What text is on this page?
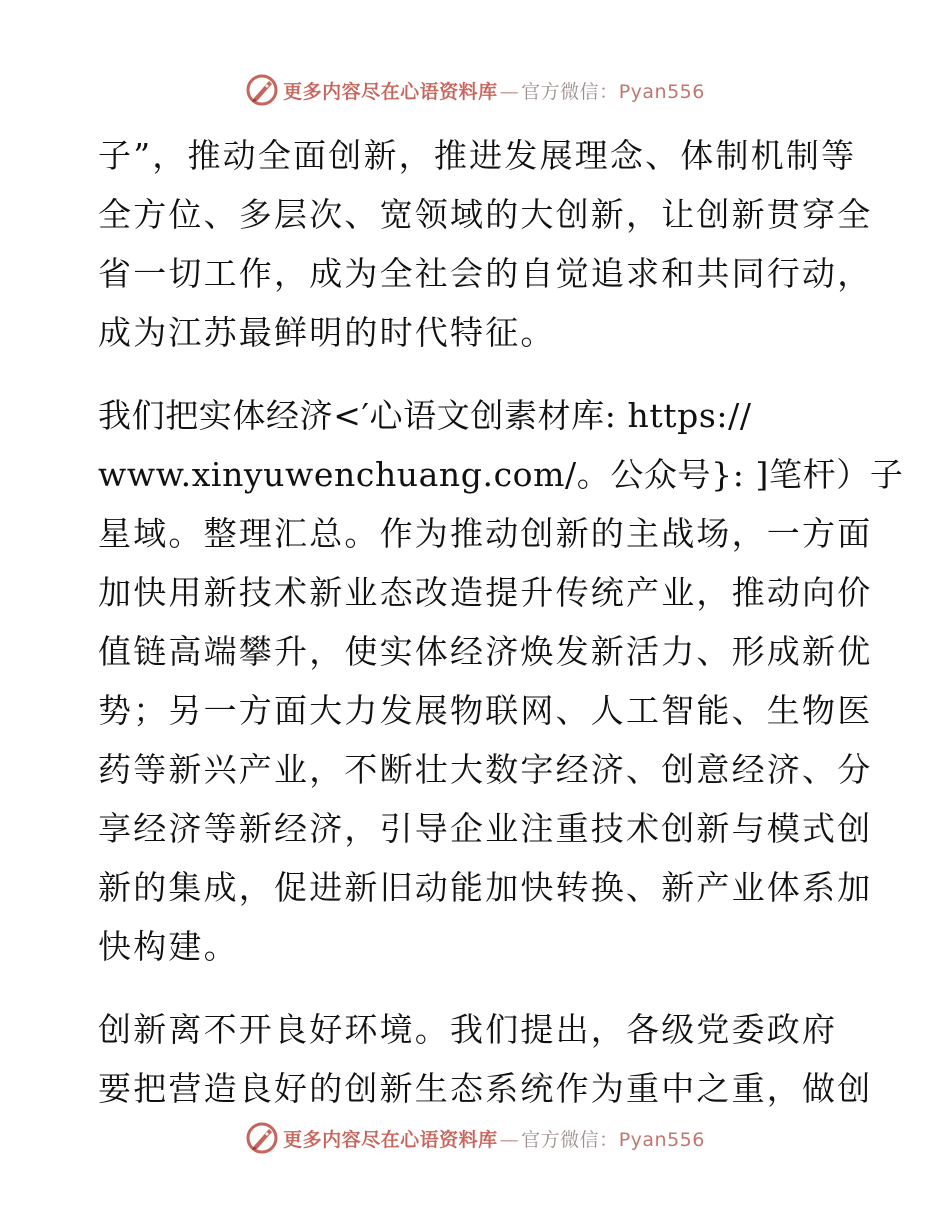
更多内容尽在心语资料库 — 官方微信：Pyan556
子”，推动全面创新，推进发展理念、体制机制等
全方位、多层次、宽领域的大创新，让创新贯穿全
省一切工作，成为全社会的自觉追求和共同行动，
成为江苏最鲜明的时代特征。
我们把实体经济<′心语文创素材库: https://
www.xinyuwenchuang.com/。公众号}: ]笔杆）子
星域。整理汇总。作为推动创新的主战场，一方面
加快用新技术新业态改造提升传统产业，推动向价
值链高端攀升，使实体经济焕发新活力、形成新优
势；另一方面大力发展物联网、人工智能、生物医
药等新兴产业，不断壮大数字经济、创意经济、分
享经济等新经济，引导企业注重技术创新与模式创
新的集成，促进新旧动能加快转换、新产业体系加
快构建。
创新离不开良好环境。我们提出，各级党委政府
要把营造良好的创新生态系统作为重中之重，做创
更多内容尽在心语资料库 — 官方微信：Pyan556
